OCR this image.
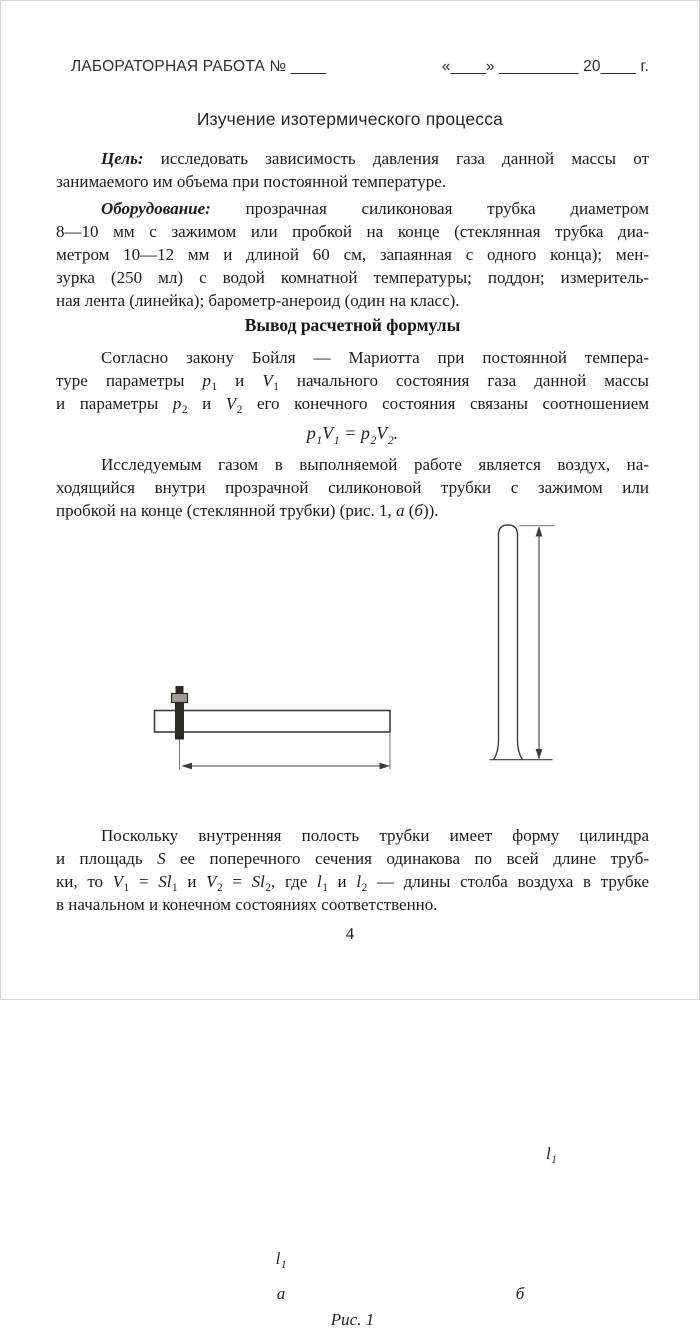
ЛАБОРАТОРНАЯ РАБОТА № ____	«____» _________ 20____ г.
Изучение изотермического процесса
Цель: исследовать зависимость давления газа данной массы от
занимаемого им объема при постоянной температуре.
Оборудование: прозрачная силиконовая трубка диаметром
8—10 мм с зажимом или пробкой на конце (стеклянная трубка диа-
метром 10—12 мм и длиной 60 см, запаянная с одного конца); мен-
зурка (250 мл) с водой комнатной температуры; поддон; измеритель-
ная лента (линейка); барометр-анероид (один на класс).
Вывод расчетной формулы
Согласно закону Бойля — Мариотта при постоянной темпера-
туре параметры $p_1$ и $V_1$ начального состояния газа данной массы
и параметры $p_2$ и $V_2$ его конечного состояния связаны соотношением
$p_1V_1 = p_2V_2$.
Исследуемым газом в выполняемой работе является воздух, на-
ходящийся внутри прозрачной силиконовой трубки с зажимом или
пробкой на конце (стеклянной трубки) (рис. 1, а (б)).
$l_1$
а
$l_1$
б
Рис. 1
Поскольку внутренняя полость трубки имеет форму цилиндра
и площадь S ее поперечного сечения одинакова по всей длине труб-
ки, то $V_1 = Sl_1$ и $V_2 = Sl_2$, где $l_1$ и $l_2$ — длины столба воздуха в трубке
в начальном и конечном состояниях соответственно.
4
